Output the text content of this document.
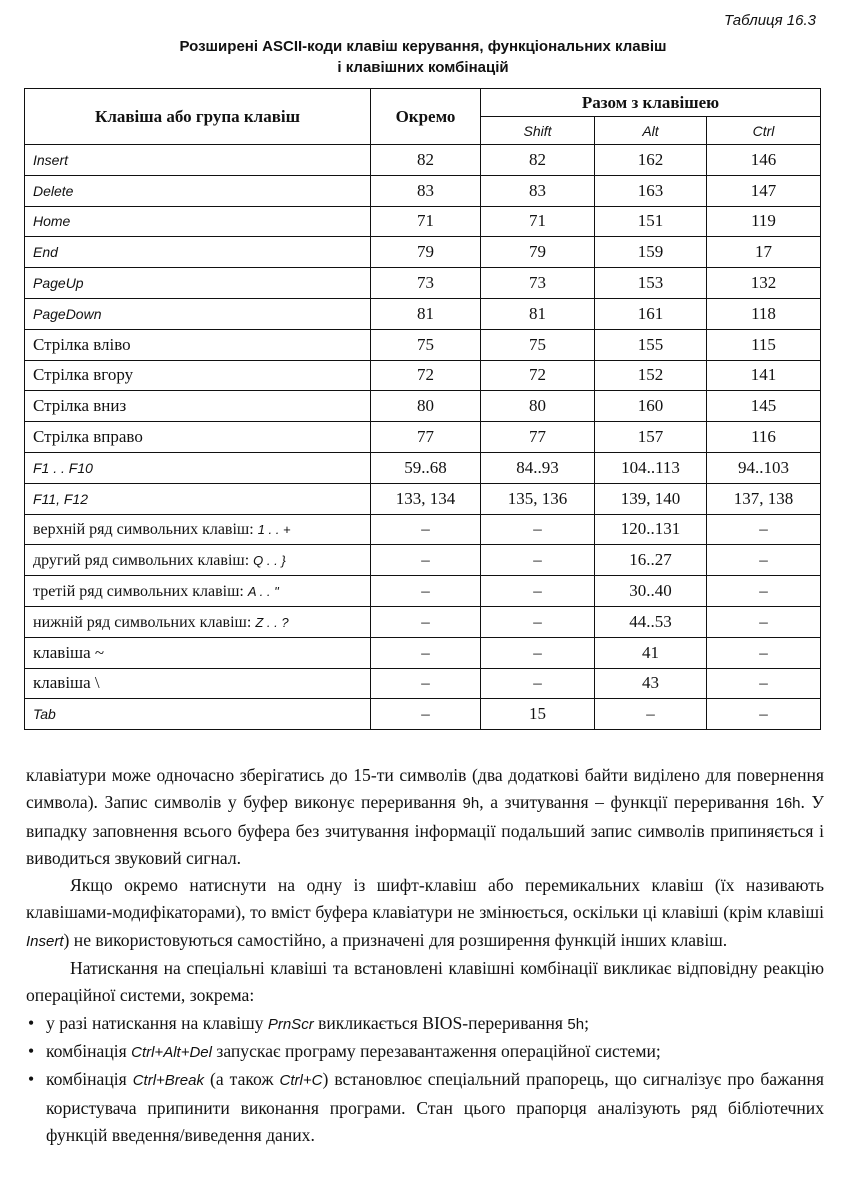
Таблиця 16.3
Розширені ASCII-коди клавіш керування, функціональних клавіш
і клавішних комбінацій
Клавіша або група клавіш	Окремо	Разом з клавішею		
		Shift	Alt	Ctrl
Insert	82	82	162	146
Delete	83	83	163	147
Home	71	71	151	119
End	79	79	159	17
PageUp	73	73	153	132
PageDown	81	81	161	118
Стрілка вліво	75	75	155	115
Стрілка вгору	72	72	152	141
Стрілка вниз	80	80	160	145
Стрілка вправо	77	77	157	116
F1 . . F10	59..68	84..93	104..113	94..103
F11, F12	133, 134	135, 136	139, 140	137, 138
верхній ряд символьних клавіш: 1 . . +	–	–	120..131	–
другий ряд символьних клавіш: Q . . }	–	–	16..27	–
третій ряд символьних клавіш: A . . "	–	–	30..40	–
нижній ряд символьних клавіш: Z . . ?	–	–	44..53	–
клавіша ~	–	–	41	–
клавіша \	–	–	43	–
Tab	–	15	–	–

клавіатури може одночасно зберігатись до 15-ти символів (два додаткові байти виділено для повернення символа). Запис символів у буфер виконує переривання 9h, а зчитування – функції переривання 16h. У випадку заповнення всього буфера без зчитування інформації подальший запис символів припиняється і виводиться звуковий сигнал.

Якщо окремо натиснути на одну із шифт-клавіш або перемикальних клавіш (їх називають клавішами-модифікаторами), то вміст буфера клавіатури не змінюється, оскільки ці клавіші (крім клавіші Insert) не використовуються самостійно, а призначені для розширення функцій інших клавіш.

Натискання на спеціальні клавіші та встановлені клавішні комбінації викликає відповідну реакцію операційної системи, зокрема:

• у разі натискання на клавішу PrnScr викликається BIOS-переривання 5h;
• комбінація Ctrl+Alt+Del запускає програму перезавантаження операційної системи;
• комбінація Ctrl+Break (а також Ctrl+C) встановлює спеціальний прапорець, що сигналізує про бажання користувача припинити виконання програми. Стан цього прапорця аналізують ряд бібліотечних функцій введення/виведення даних.
